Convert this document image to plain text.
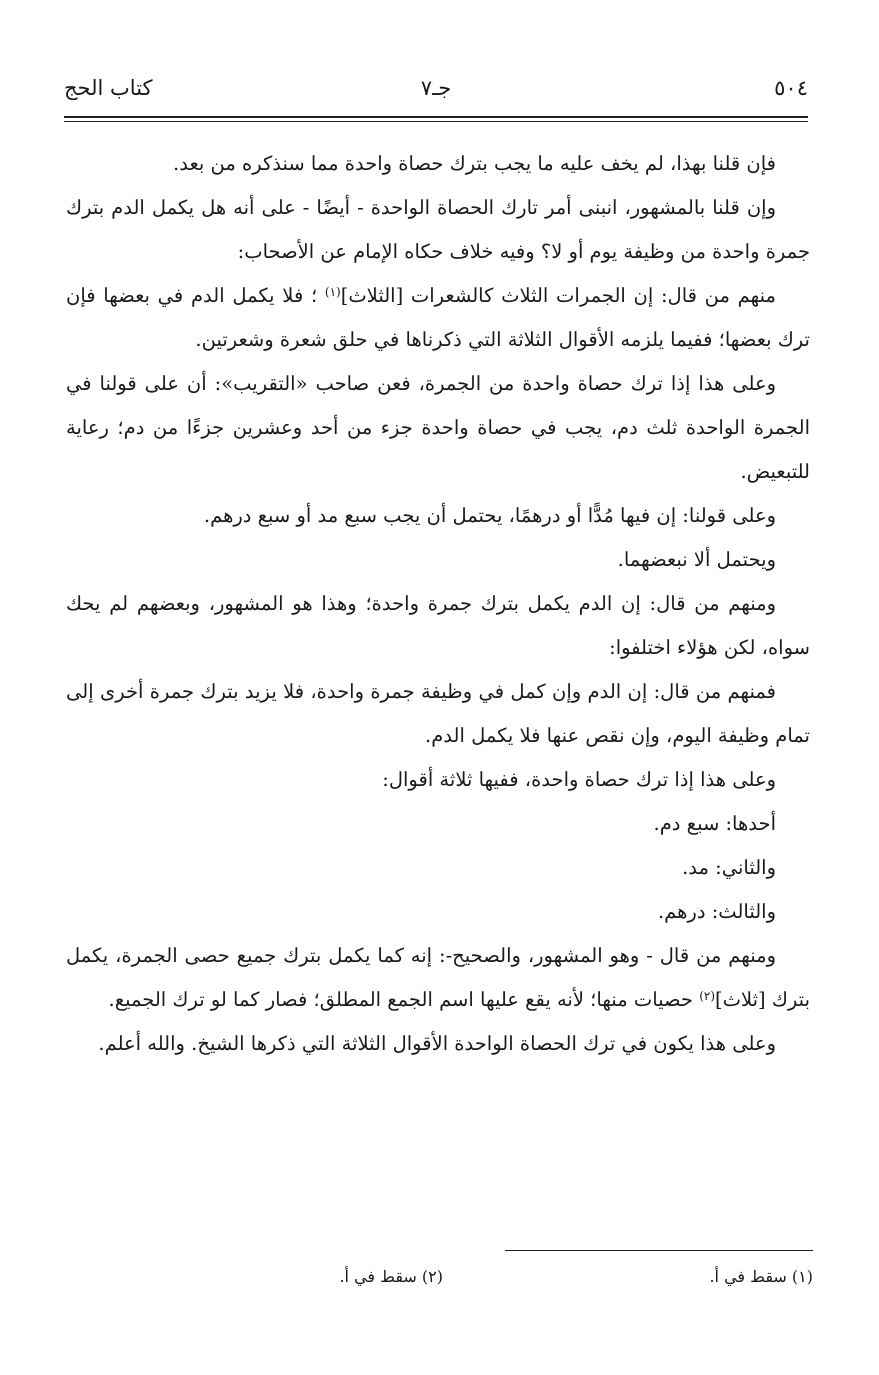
٥٠٤
جـ٧
كتاب الحج

فإن قلنا بهذا، لم يخف عليه ما يجب بترك حصاة واحدة مما سنذكره من بعد.

وإن قلنا بالمشهور، انبنى أمر تارك الحصاة الواحدة - أيضًا - على أنه هل يكمل الدم بترك جمرة واحدة من وظيفة يوم أو لا؟ وفيه خلاف حكاه الإمام عن الأصحاب:

منهم من قال: إن الجمرات الثلاث كالشعرات [الثلاث]$^{(١)}$ ؛ فلا يكمل الدم في بعضها فإن ترك بعضها؛ ففيما يلزمه الأقوال الثلاثة التي ذكرناها في حلق شعرة وشعرتين.

وعلى هذا إذا ترك حصاة واحدة من الجمرة، فعن صاحب «التقريب»: أن على قولنا في الجمرة الواحدة ثلث دم، يجب في حصاة واحدة جزء من أحد وعشرين جزءًا من دم؛ رعاية للتبعيض.

وعلى قولنا: إن فيها مُدًّا أو درهمًا، يحتمل أن يجب سبع مد أو سبع درهم.

ويحتمل ألا نبعضهما.

ومنهم من قال: إن الدم يكمل بترك جمرة واحدة؛ وهذا هو المشهور، وبعضهم لم يحك سواه، لكن هؤلاء اختلفوا:

فمنهم من قال: إن الدم وإن كمل في وظيفة جمرة واحدة، فلا يزيد بترك جمرة أخرى إلى تمام وظيفة اليوم، وإن نقص عنها فلا يكمل الدم.

وعلى هذا إذا ترك حصاة واحدة، ففيها ثلاثة أقوال:

أحدها: سبع دم.

والثاني: مد.

والثالث: درهم.

ومنهم من قال - وهو المشهور، والصحيح-: إنه كما يكمل بترك جميع حصى الجمرة، يكمل بترك [ثلاث]$^{(٢)}$ حصيات منها؛ لأنه يقع عليها اسم الجمع المطلق؛ فصار كما لو ترك الجميع.

وعلى هذا يكون في ترك الحصاة الواحدة الأقوال الثلاثة التي ذكرها الشيخ. والله أعلم.

(١) سقط في أ.
(٢) سقط في أ.
